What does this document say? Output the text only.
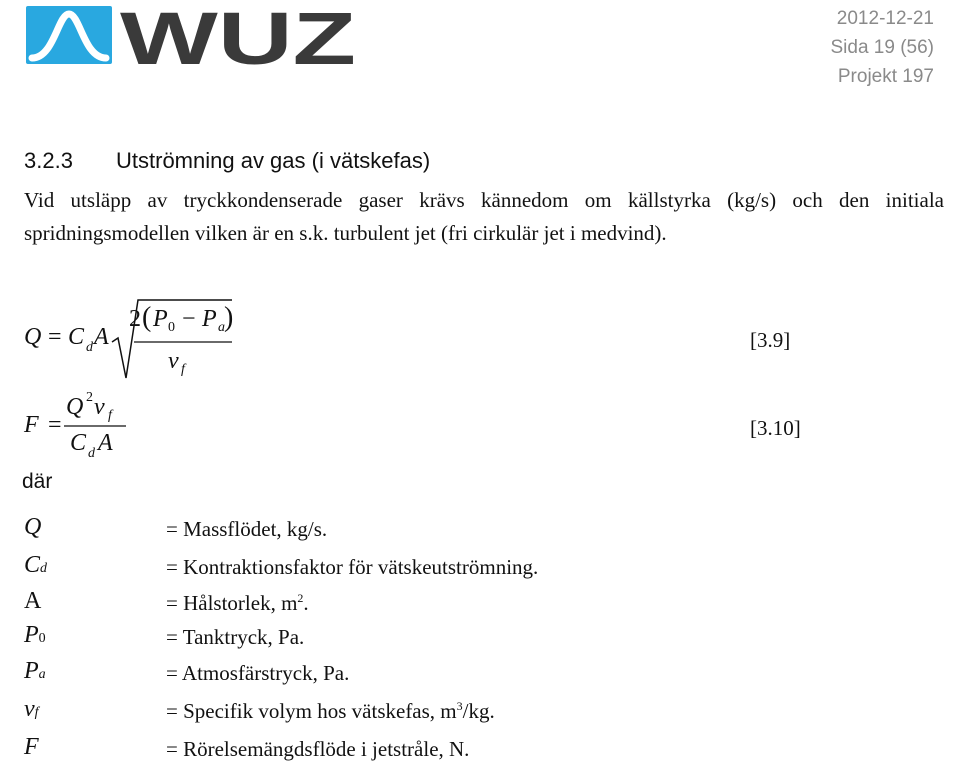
WUZ	2012-12-21
Sida 19 (56)
Projekt 197
3.2.3 Utströmning av gas (i vätskefas)
Vid utsläpp av tryckkondenserade gaser krävs kännedom om källstyrka (kg/s) och den initiala spridningsmodellen vilken är en s.k. turbulent jet (fri cirkulär jet i medvind).
Q = C d A
2 ( P 0 − P a )
v f
[3.9]
F =
Q 2 v f
C d A
[3.10]
där
Q	= Massflödet, kg/s.
Cd	= Kontraktionsfaktor för vätskeutströmning.
A	= Hålstorlek, $m^2$.
P0	= Tanktryck, Pa.
Pa	= Atmosfärstryck, Pa.
vf	= Specifik volym hos vätskefas, $m^3/kg$.
F	= Rörelsemängdsflöde i jetstråle, N.
